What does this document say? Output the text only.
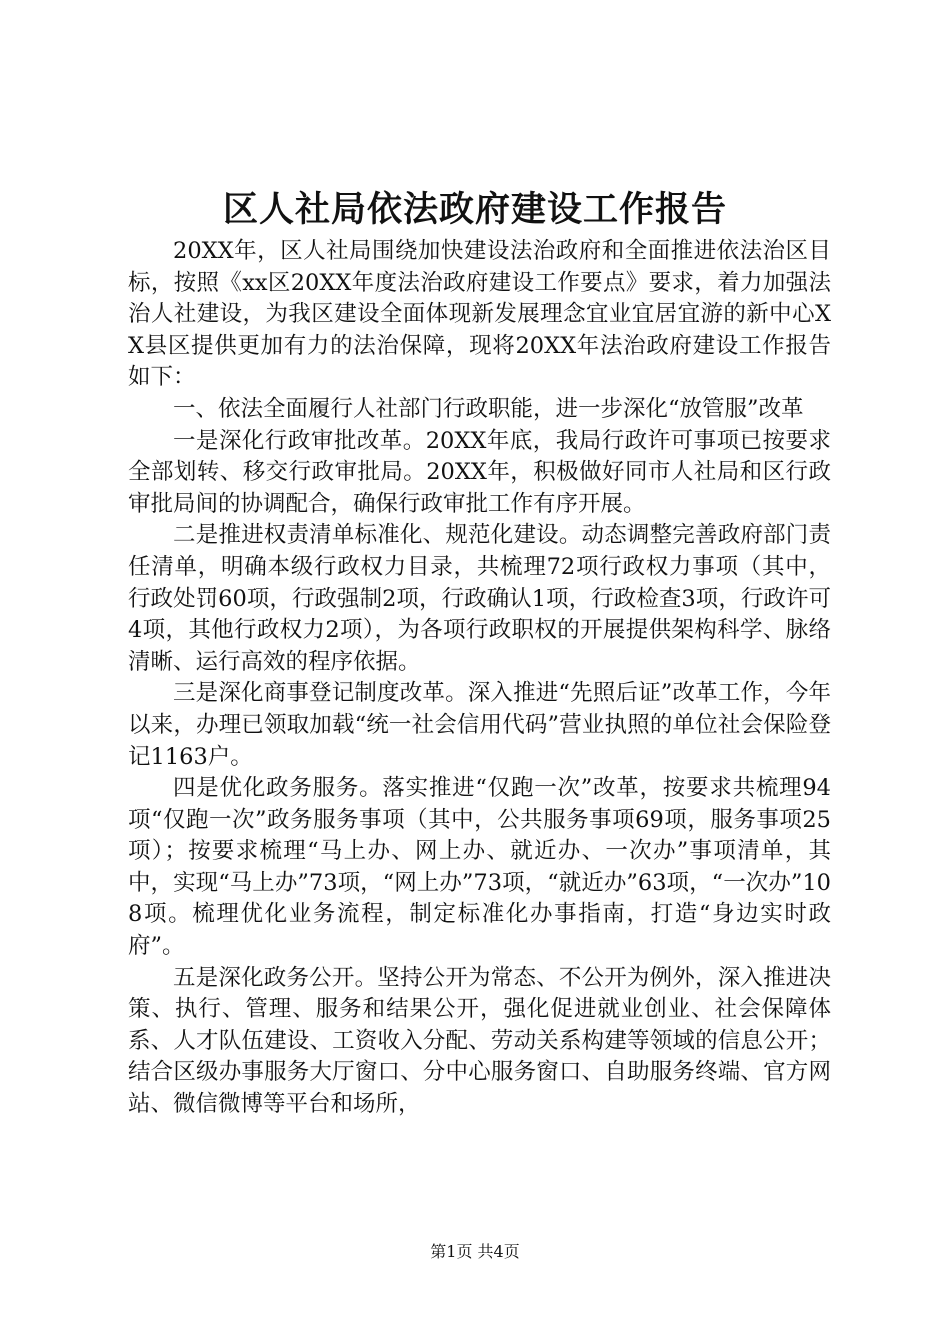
区人社局依法政府建设工作报告

20XX年，区人社局围绕加快建设法治政府和全面推进依法治区目标，按照《xx区20XX年度法治政府建设工作要点》要求，着力加强法治人社建设，为我区建设全面体现新发展理念宜业宜居宜游的新中心XX县区提供更加有力的法治保障，现将20XX年法治政府建设工作报告如下：

一、依法全面履行人社部门行政职能，进一步深化“放管服”改革

一是深化行政审批改革。20XX年底，我局行政许可事项已按要求全部划转、移交行政审批局。20XX年，积极做好同市人社局和区行政审批局间的协调配合，确保行政审批工作有序开展。

二是推进权责清单标准化、规范化建设。动态调整完善政府部门责任清单，明确本级行政权力目录，共梳理72项行政权力事项（其中，行政处罚60项，行政强制2项，行政确认1项，行政检查3项，行政许可4项，其他行政权力2项），为各项行政职权的开展提供架构科学、脉络清晰、运行高效的程序依据。

三是深化商事登记制度改革。深入推进“先照后证”改革工作，今年以来，办理已领取加载“统一社会信用代码”营业执照的单位社会保险登记1163户。

四是优化政务服务。落实推进“仅跑一次”改革，按要求共梳理94项“仅跑一次”政务服务事项（其中，公共服务事项69项，服务事项25项）；按要求梳理“马上办、网上办、就近办、一次办”事项清单，其中，实现“马上办”73项，“网上办”73项，“就近办”63项，“一次办”108项。梳理优化业务流程，制定标准化办事指南，打造“身边实时政府”。

五是深化政务公开。坚持公开为常态、不公开为例外，深入推进决策、执行、管理、服务和结果公开，强化促进就业创业、社会保障体系、人才队伍建设、工资收入分配、劳动关系构建等领域的信息公开；结合区级办事服务大厅窗口、分中心服务窗口、自助服务终端、官方网站、微信微博等平台和场所，

第1页 共4页
